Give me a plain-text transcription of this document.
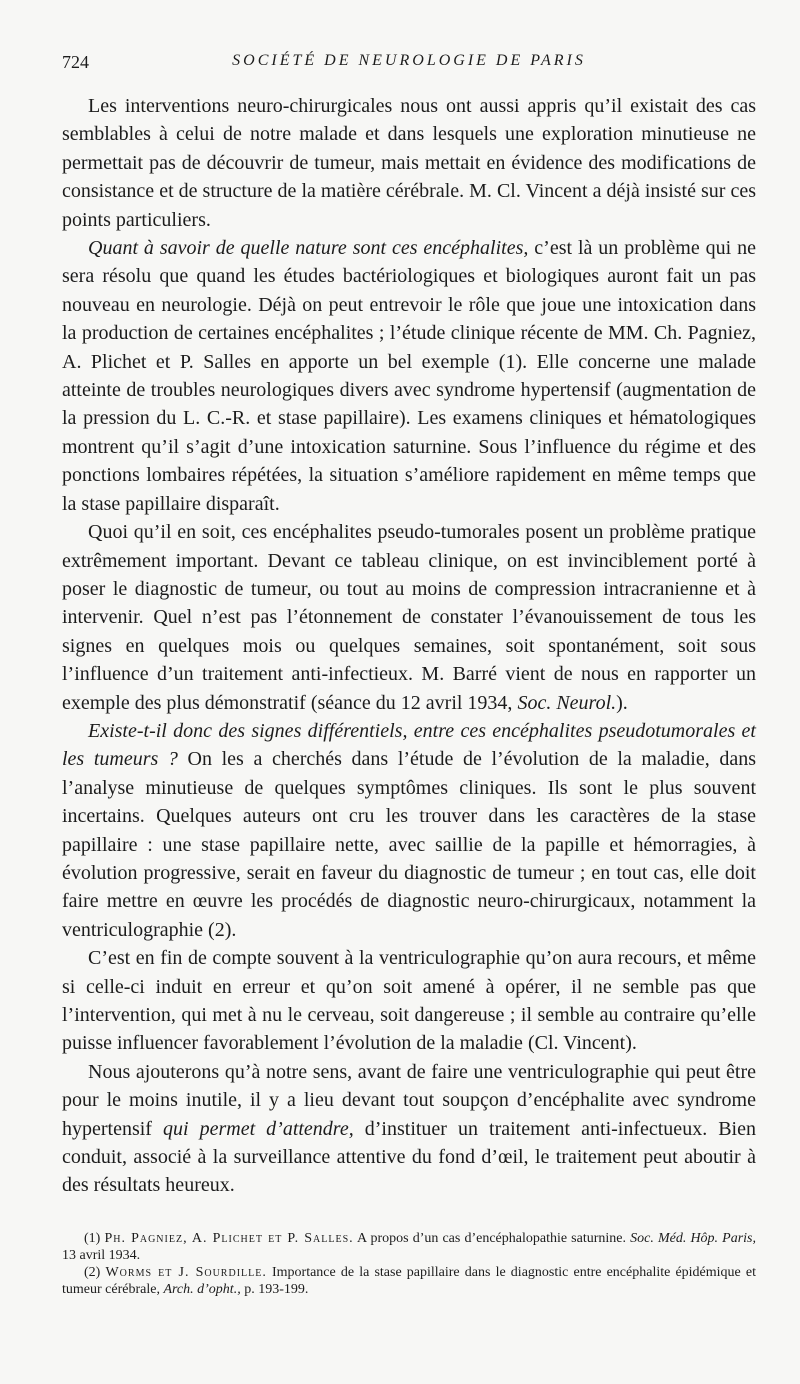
724	SOCIÉTÉ DE NEUROLOGIE DE PARIS

Les interventions neuro-chirurgicales nous ont aussi appris qu’il existait des cas semblables à celui de notre malade et dans lesquels une exploration minutieuse ne permettait pas de découvrir de tumeur, mais mettait en évidence des modifications de consistance et de structure de la matière cérébrale. M. Cl. Vincent a déjà insisté sur ces points particuliers.

Quant à savoir de quelle nature sont ces encéphalites, c’est là un problème qui ne sera résolu que quand les études bactériologiques et biologiques auront fait un pas nouveau en neurologie. Déjà on peut entrevoir le rôle que joue une intoxication dans la production de certaines encéphalites ; l’étude clinique récente de MM. Ch. Pagniez, A. Plichet et P. Salles en apporte un bel exemple (1). Elle concerne une malade atteinte de troubles neurologiques divers avec syndrome hypertensif (augmentation de la pression du L. C.-R. et stase papillaire). Les examens cliniques et hématologiques montrent qu’il s’agit d’une intoxication saturnine. Sous l’influence du régime et des ponctions lombaires répétées, la situation s’améliore rapidement en même temps que la stase papillaire disparaît.

Quoi qu’il en soit, ces encéphalites pseudo-tumorales posent un problème pratique extrêmement important. Devant ce tableau clinique, on est invinciblement porté à poser le diagnostic de tumeur, ou tout au moins de compression intracranienne et à intervenir. Quel n’est pas l’étonnement de constater l’évanouissement de tous les signes en quelques mois ou quelques semaines, soit spontanément, soit sous l’influence d’un traitement anti-infectieux. M. Barré vient de nous en rapporter un exemple des plus démonstratif (séance du 12 avril 1934, Soc. Neurol.).

Existe-t-il donc des signes différentiels, entre ces encéphalites pseudotumorales et les tumeurs ? On les a cherchés dans l’étude de l’évolution de la maladie, dans l’analyse minutieuse de quelques symptômes cliniques. Ils sont le plus souvent incertains. Quelques auteurs ont cru les trouver dans les caractères de la stase papillaire : une stase papillaire nette, avec saillie de la papille et hémorragies, à évolution progressive, serait en faveur du diagnostic de tumeur ; en tout cas, elle doit faire mettre en œuvre les procédés de diagnostic neuro-chirurgicaux, notamment la ventriculographie (2).

C’est en fin de compte souvent à la ventriculographie qu’on aura recours, et même si celle-ci induit en erreur et qu’on soit amené à opérer, il ne semble pas que l’intervention, qui met à nu le cerveau, soit dangereuse ; il semble au contraire qu’elle puisse influencer favorablement l’évolution de la maladie (Cl. Vincent).

Nous ajouterons qu’à notre sens, avant de faire une ventriculographie qui peut être pour le moins inutile, il y a lieu devant tout soupçon d’encéphalite avec syndrome hypertensif qui permet d’attendre, d’instituer un traitement anti-infectueux. Bien conduit, associé à la surveillance attentive du fond d’œil, le traitement peut aboutir à des résultats heureux.

(1) Ph. Pagniez, A. Plichet et P. Salles. A propos d’un cas d’encéphalopathie saturnine. Soc. Méd. Hôp. Paris, 13 avril 1934.

(2) Worms et J. Sourdille. Importance de la stase papillaire dans le diagnostic entre encéphalite épidémique et tumeur cérébrale, Arch. d’opht., p. 193-199.
